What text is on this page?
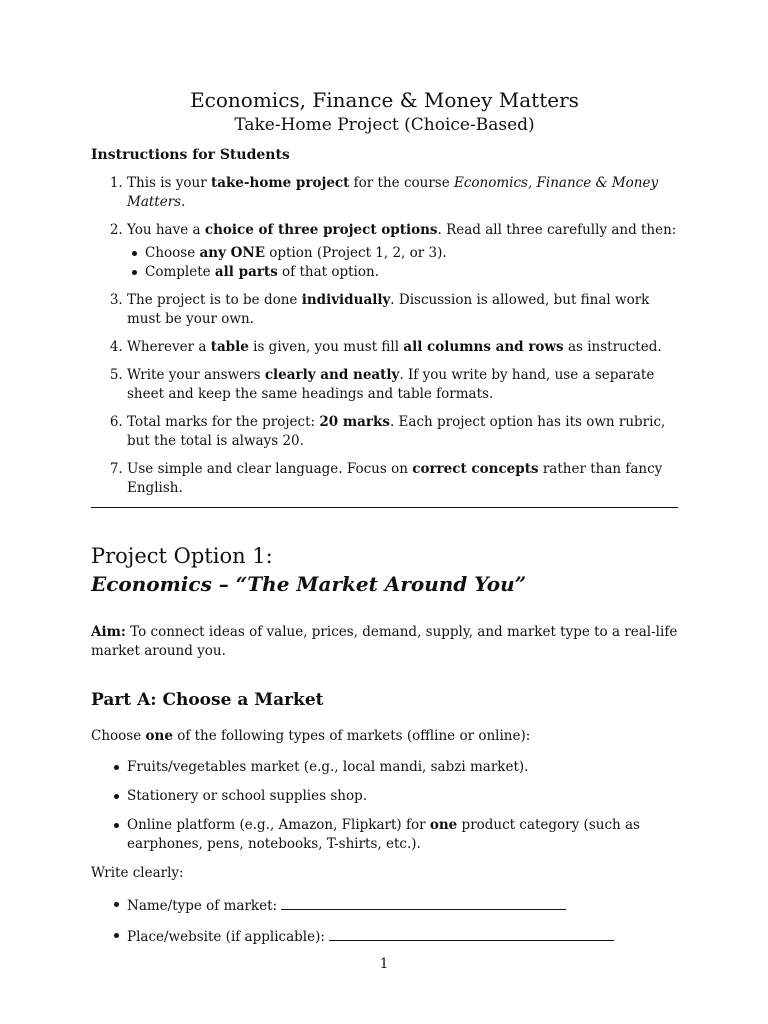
Economics, Finance & Money Matters
Take-Home Project (Choice-Based)
Instructions for Students
1. This is your take-home project for the course Economics, Finance & Money Matters.
2. You have a choice of three project options. Read all three carefully and then:
Choose any ONE option (Project 1, 2, or 3).
Complete all parts of that option.
3. The project is to be done individually. Discussion is allowed, but final work must be your own.
4. Wherever a table is given, you must fill all columns and rows as instructed.
5. Write your answers clearly and neatly. If you write by hand, use a separate sheet and keep the same headings and table formats.
6. Total marks for the project: 20 marks. Each project option has its own rubric, but the total is always 20.
7. Use simple and clear language. Focus on correct concepts rather than fancy English.
Project Option 1:
Economics – “The Market Around You”
Aim: To connect ideas of value, prices, demand, supply, and market type to a real-life market around you.
Part A: Choose a Market
Choose one of the following types of markets (offline or online):
Fruits/vegetables market (e.g., local mandi, sabzi market).
Stationery or school supplies shop.
Online platform (e.g., Amazon, Flipkart) for one product category (such as earphones, pens, notebooks, T-shirts, etc.).
Write clearly:
Name/type of market:
Place/website (if applicable):
1
